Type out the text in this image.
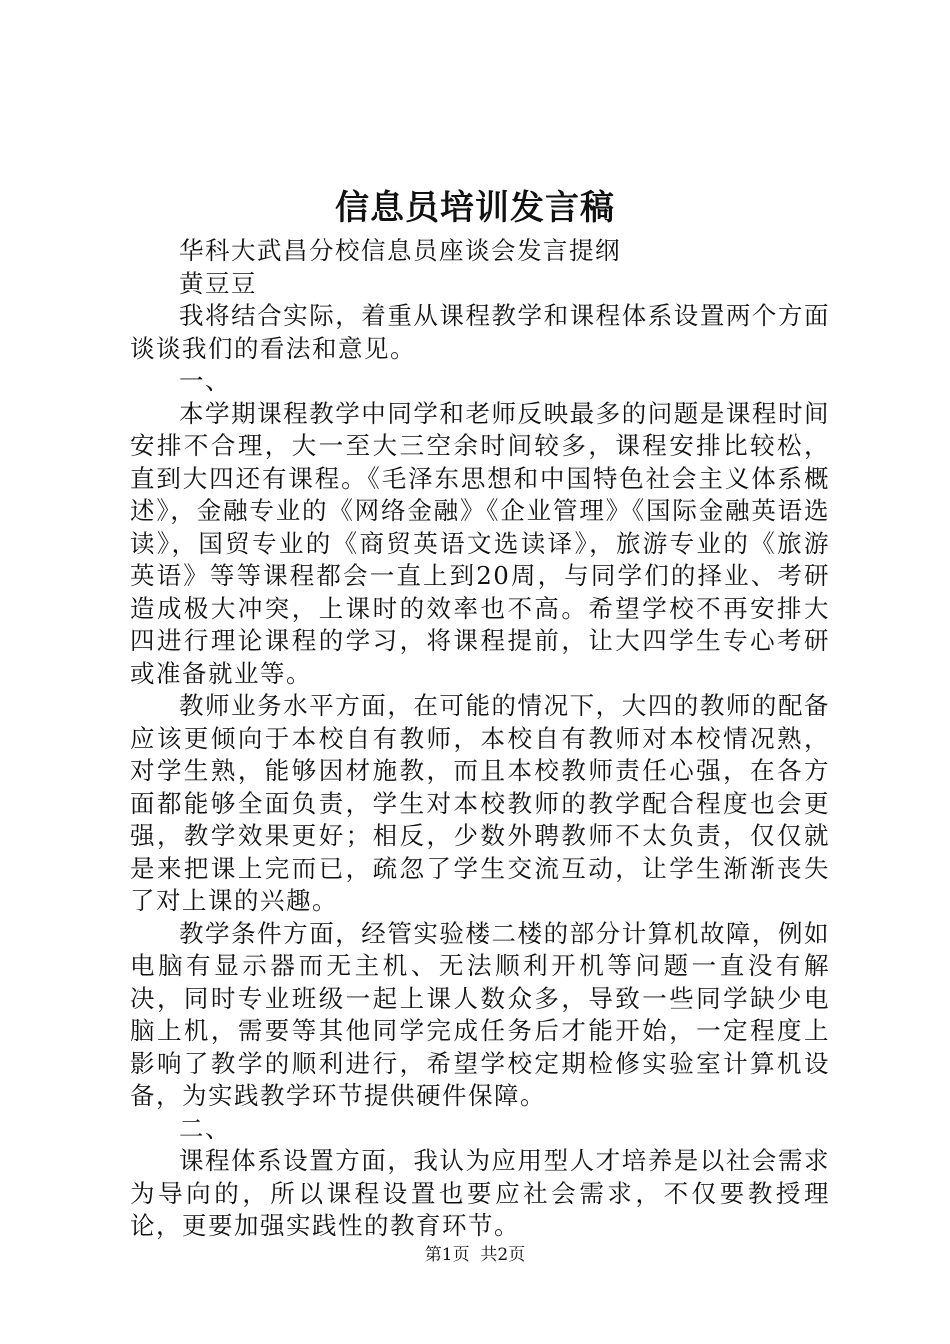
信息员培训发言稿

华科大武昌分校信息员座谈会发言提纲

黄豆豆

我将结合实际，着重从课程教学和课程体系设置两个方面谈谈我们的看法和意见。

一、

本学期课程教学中同学和老师反映最多的问题是课程时间安排不合理，大一至大三空余时间较多，课程安排比较松，直到大四还有课程。《毛泽东思想和中国特色社会主义体系概述》，金融专业的《网络金融》《企业管理》《国际金融英语选读》，国贸专业的《商贸英语文选读译》，旅游专业的《旅游英语》等等课程都会一直上到20周，与同学们的择业、考研造成极大冲突，上课时的效率也不高。希望学校不再安排大四进行理论课程的学习，将课程提前，让大四学生专心考研或准备就业等。

教师业务水平方面，在可能的情况下，大四的教师的配备应该更倾向于本校自有教师，本校自有教师对本校情况熟，对学生熟，能够因材施教，而且本校教师责任心强，在各方面都能够全面负责，学生对本校教师的教学配合程度也会更强，教学效果更好；相反，少数外聘教师不太负责，仅仅就是来把课上完而已，疏忽了学生交流互动，让学生渐渐丧失了对上课的兴趣。

教学条件方面，经管实验楼二楼的部分计算机故障，例如电脑有显示器而无主机、无法顺利开机等问题一直没有解决，同时专业班级一起上课人数众多，导致一些同学缺少电脑上机，需要等其他同学完成任务后才能开始，一定程度上影响了教学的顺利进行，希望学校定期检修实验室计算机设备，为实践教学环节提供硬件保障。

二、

课程体系设置方面，我认为应用型人才培养是以社会需求为导向的，所以课程设置也要应社会需求，不仅要教授理论，更要加强实践性的教育环节。

第1页 共2页
